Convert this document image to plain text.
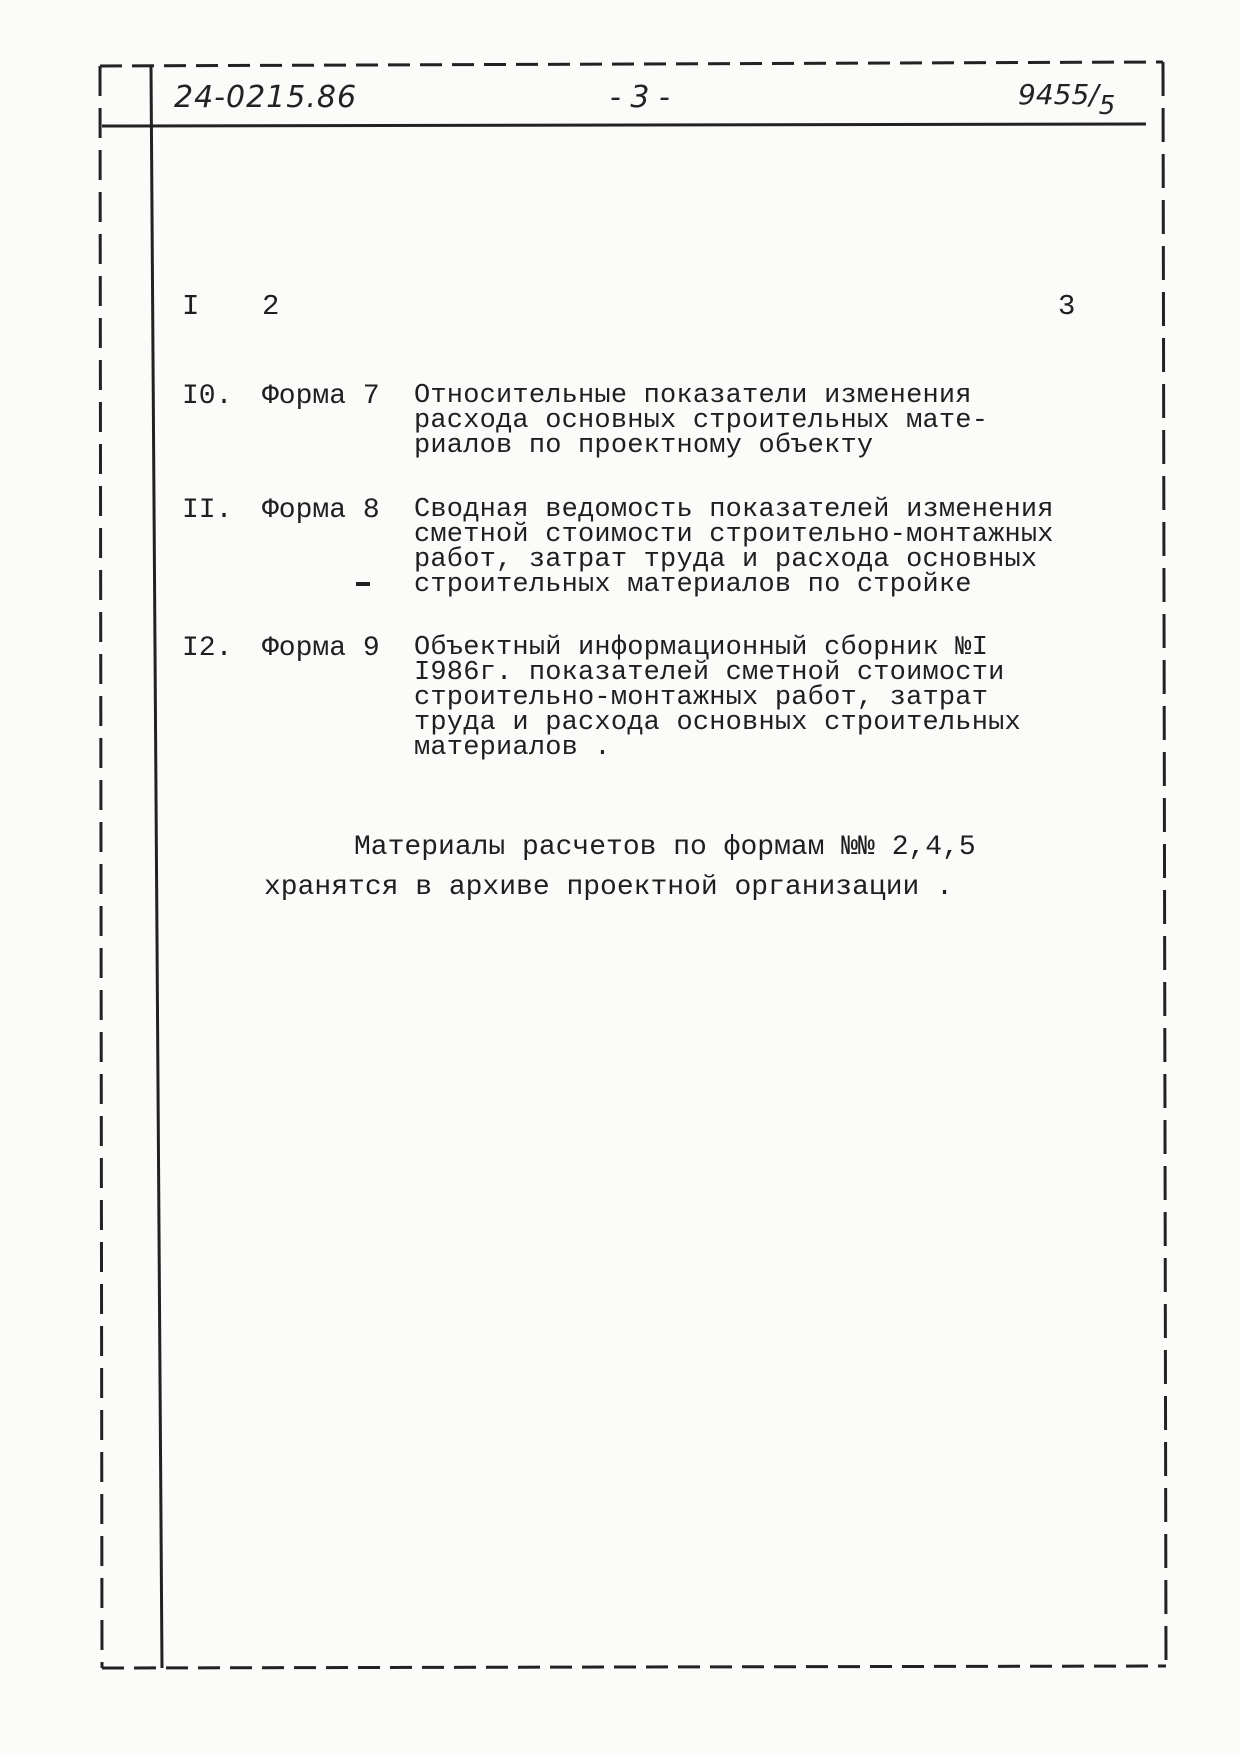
24-0215.86	- 3 -	9455/5
I 2	3
I0. Форма 7 Относительные показатели изменения
расхода основных строительных мате-
риалов по проектному объекту
II. Форма 8 Сводная ведомость показателей изменения
сметной стоимости строительно-монтажных
работ, затрат труда и расхода основных
строительных материалов по стройке
I2. Форма 9 Объектный информационный сборник №I
I986г. показателей сметной стоимости
строительно-монтажных работ, затрат
труда и расхода основных строительных
материалов .
Материалы расчетов по формам №№ 2,4,5
хранятся в архиве проектной организации .
